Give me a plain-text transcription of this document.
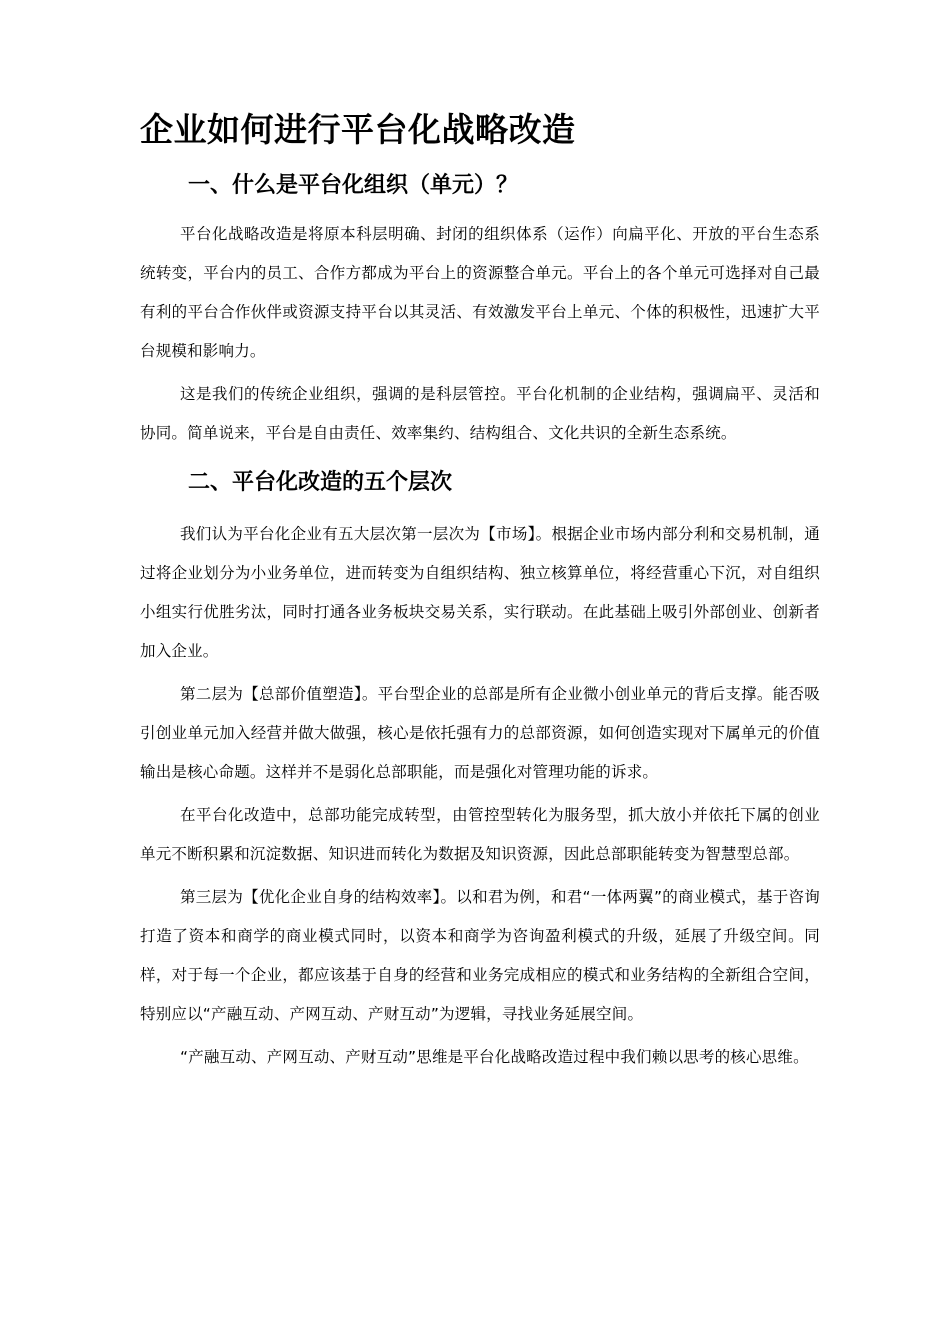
企业如何进行平台化战略改造
一、什么是平台化组织（单元）？

平台化战略改造是将原本科层明确、封闭的组织体系（运作）向扁平化、开放的平台生态系统转变，平台内的员工、合作方都成为平台上的资源整合单元。平台上的各个单元可选择对自己最有利的平台合作伙伴或资源支持平台以其灵活、有效激发平台上单元、个体的积极性，迅速扩大平台规模和影响力。

这是我们的传统企业组织，强调的是科层管控。平台化机制的企业结构，强调扁平、灵活和协同。简单说来，平台是自由责任、效率集约、结构组合、文化共识的全新生态系统。

二、平台化改造的五个层次

我们认为平台化企业有五大层次第一层次为【市场】。根据企业市场内部分利和交易机制，通过将企业划分为小业务单位，进而转变为自组织结构、独立核算单位，将经营重心下沉，对自组织小组实行优胜劣汰，同时打通各业务板块交易关系，实行联动。在此基础上吸引外部创业、创新者加入企业。

第二层为【总部价值塑造】。平台型企业的总部是所有企业微小创业单元的背后支撑。能否吸引创业单元加入经营并做大做强，核心是依托强有力的总部资源，如何创造实现对下属单元的价值输出是核心命题。这样并不是弱化总部职能，而是强化对管理功能的诉求。

在平台化改造中，总部功能完成转型，由管控型转化为服务型，抓大放小并依托下属的创业单元不断积累和沉淀数据、知识进而转化为数据及知识资源，因此总部职能转变为智慧型总部。

第三层为【优化企业自身的结构效率】。以和君为例，和君“一体两翼”的商业模式，基于咨询打造了资本和商学的商业模式同时，以资本和商学为咨询盈利模式的升级，延展了升级空间。同样，对于每一个企业，都应该基于自身的经营和业务完成相应的模式和业务结构的全新组合空间，特别应以“产融互动、产网互动、产财互动”为逻辑，寻找业务延展空间。

“产融互动、产网互动、产财互动”思维是平台化战略改造过程中我们赖以思考的核心思维。
